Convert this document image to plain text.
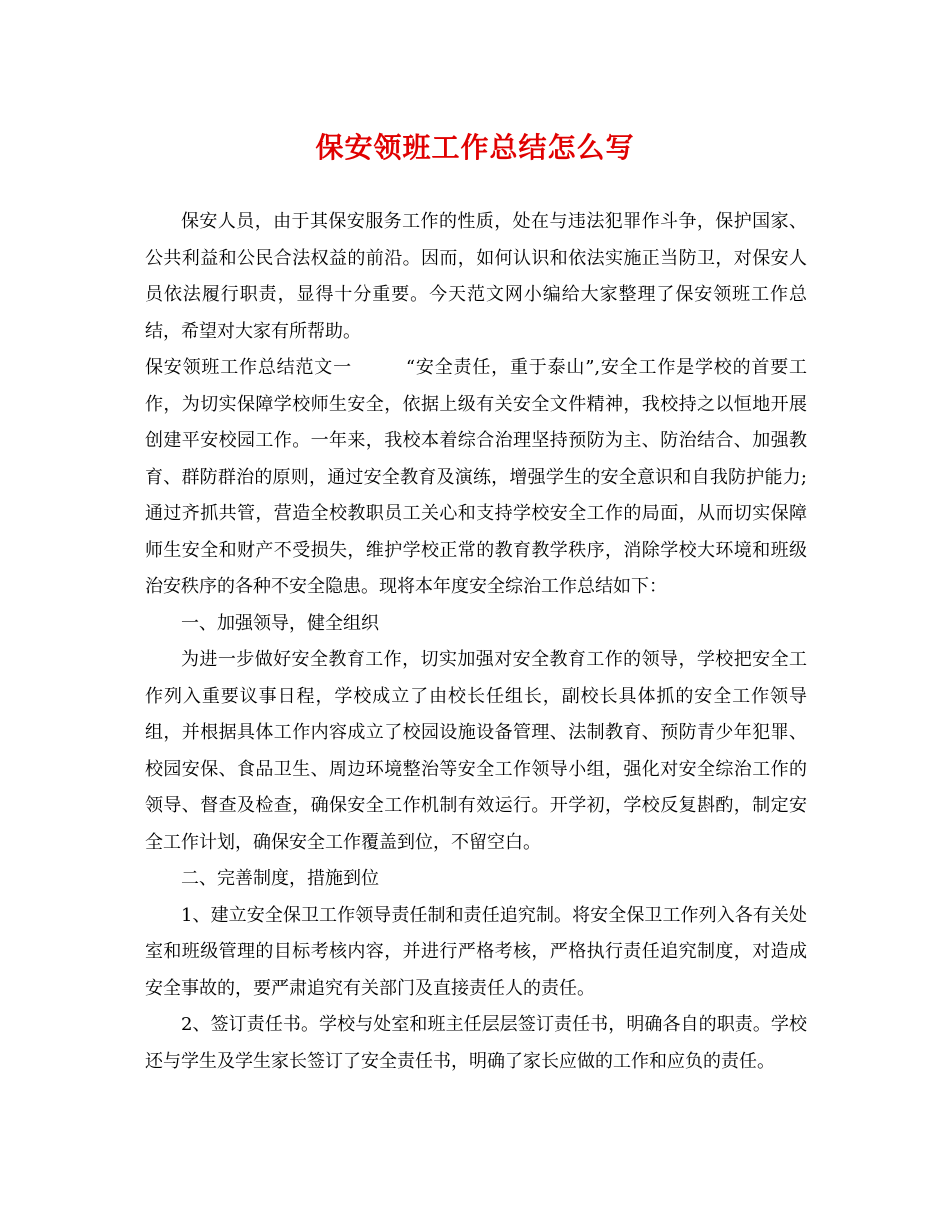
保安领班工作总结怎么写

保安人员，由于其保安服务工作的性质，处在与违法犯罪作斗争，保护国家、公共利益和公民合法权益的前沿。因而，如何认识和依法实施正当防卫，对保安人员依法履行职责，显得十分重要。今天范文网小编给大家整理了保安领班工作总结，希望对大家有所帮助。

保安领班工作总结范文一	“安全责任，重于泰山”,安全工作是学校的首要工作，为切实保障学校师生安全，依据上级有关安全文件精神，我校持之以恒地开展创建平安校园工作。一年来，我校本着综合治理坚持预防为主、防治结合、加强教育、群防群治的原则，通过安全教育及演练，增强学生的安全意识和自我防护能力;通过齐抓共管，营造全校教职员工关心和支持学校安全工作的局面，从而切实保障师生安全和财产不受损失，维护学校正常的教育教学秩序，消除学校大环境和班级治安秩序的各种不安全隐患。现将本年度安全综治工作总结如下：

一、加强领导，健全组织

为进一步做好安全教育工作，切实加强对安全教育工作的领导，学校把安全工作列入重要议事日程，学校成立了由校长任组长，副校长具体抓的安全工作领导组，并根据具体工作内容成立了校园设施设备管理、法制教育、预防青少年犯罪、校园安保、食品卫生、周边环境整治等安全工作领导小组，强化对安全综治工作的领导、督查及检查，确保安全工作机制有效运行。开学初，学校反复斟酌，制定安全工作计划，确保安全工作覆盖到位，不留空白。

二、完善制度，措施到位

1、建立安全保卫工作领导责任制和责任追究制。将安全保卫工作列入各有关处室和班级管理的目标考核内容，并进行严格考核，严格执行责任追究制度，对造成安全事故的，要严肃追究有关部门及直接责任人的责任。

2、签订责任书。学校与处室和班主任层层签订责任书，明确各自的职责。学校还与学生及学生家长签订了安全责任书，明确了家长应做的工作和应负的责任。
